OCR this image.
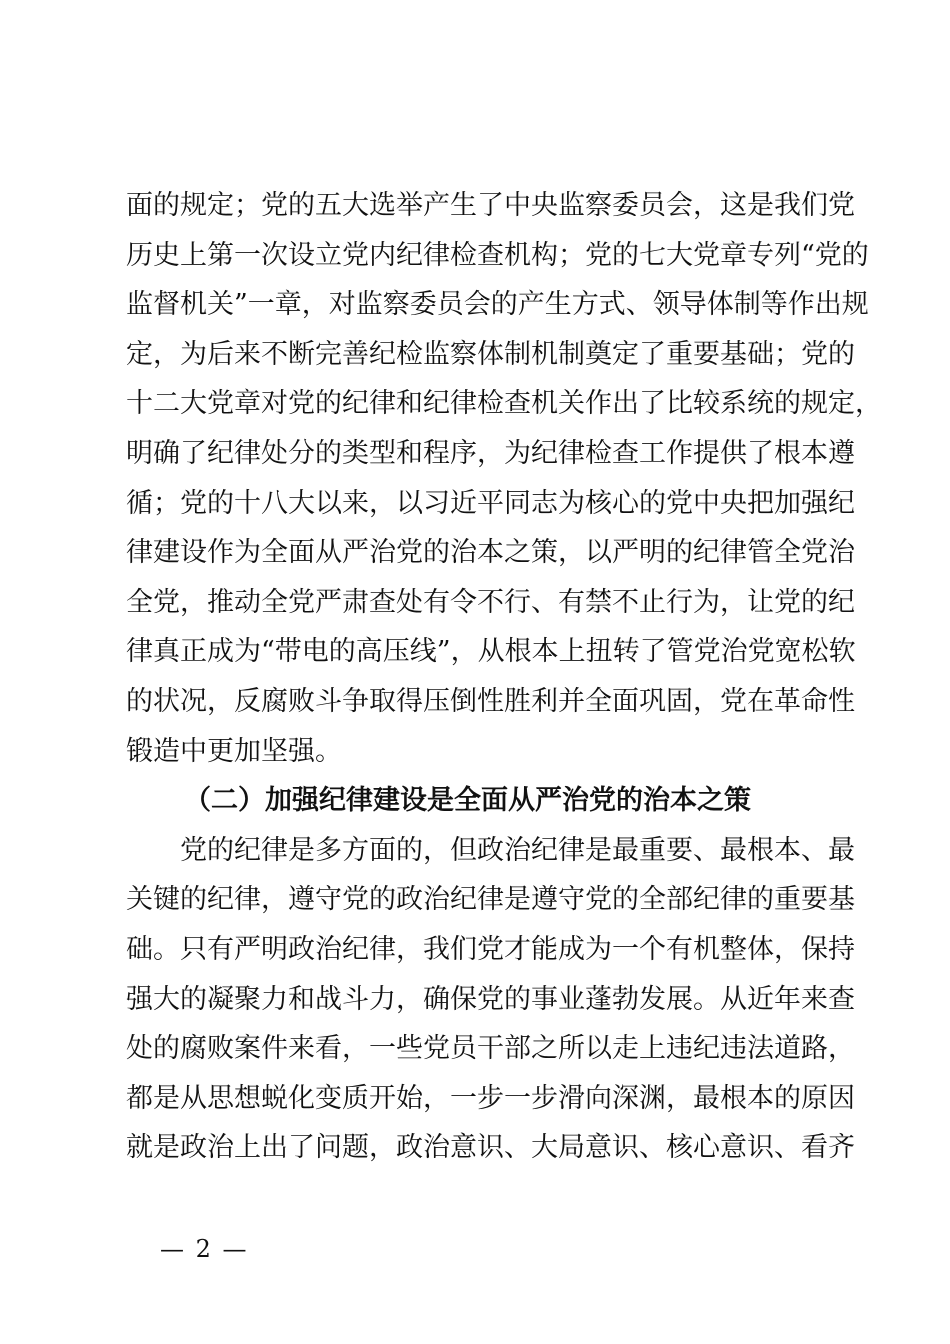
面的规定；党的五大选举产生了中央监察委员会，这是我们党
历史上第一次设立党内纪律检查机构；党的七大党章专列“党的
监督机关”一章，对监察委员会的产生方式、领导体制等作出规
定，为后来不断完善纪检监察体制机制奠定了重要基础；党的
十二大党章对党的纪律和纪律检查机关作出了比较系统的规定，
明确了纪律处分的类型和程序，为纪律检查工作提供了根本遵
循；党的十八大以来，以习近平同志为核心的党中央把加强纪
律建设作为全面从严治党的治本之策，以严明的纪律管全党治
全党，推动全党严肃查处有令不行、有禁不止行为，让党的纪
律真正成为“带电的高压线”，从根本上扭转了管党治党宽松软
的状况，反腐败斗争取得压倒性胜利并全面巩固，党在革命性
锻造中更加坚强。
（二）加强纪律建设是全面从严治党的治本之策
党的纪律是多方面的，但政治纪律是最重要、最根本、最
关键的纪律，遵守党的政治纪律是遵守党的全部纪律的重要基
础。只有严明政治纪律，我们党才能成为一个有机整体，保持
强大的凝聚力和战斗力，确保党的事业蓬勃发展。从近年来查
处的腐败案件来看，一些党员干部之所以走上违纪违法道路，
都是从思想蜕化变质开始，一步一步滑向深渊，最根本的原因
就是政治上出了问题，政治意识、大局意识、核心意识、看齐
— 2 —
